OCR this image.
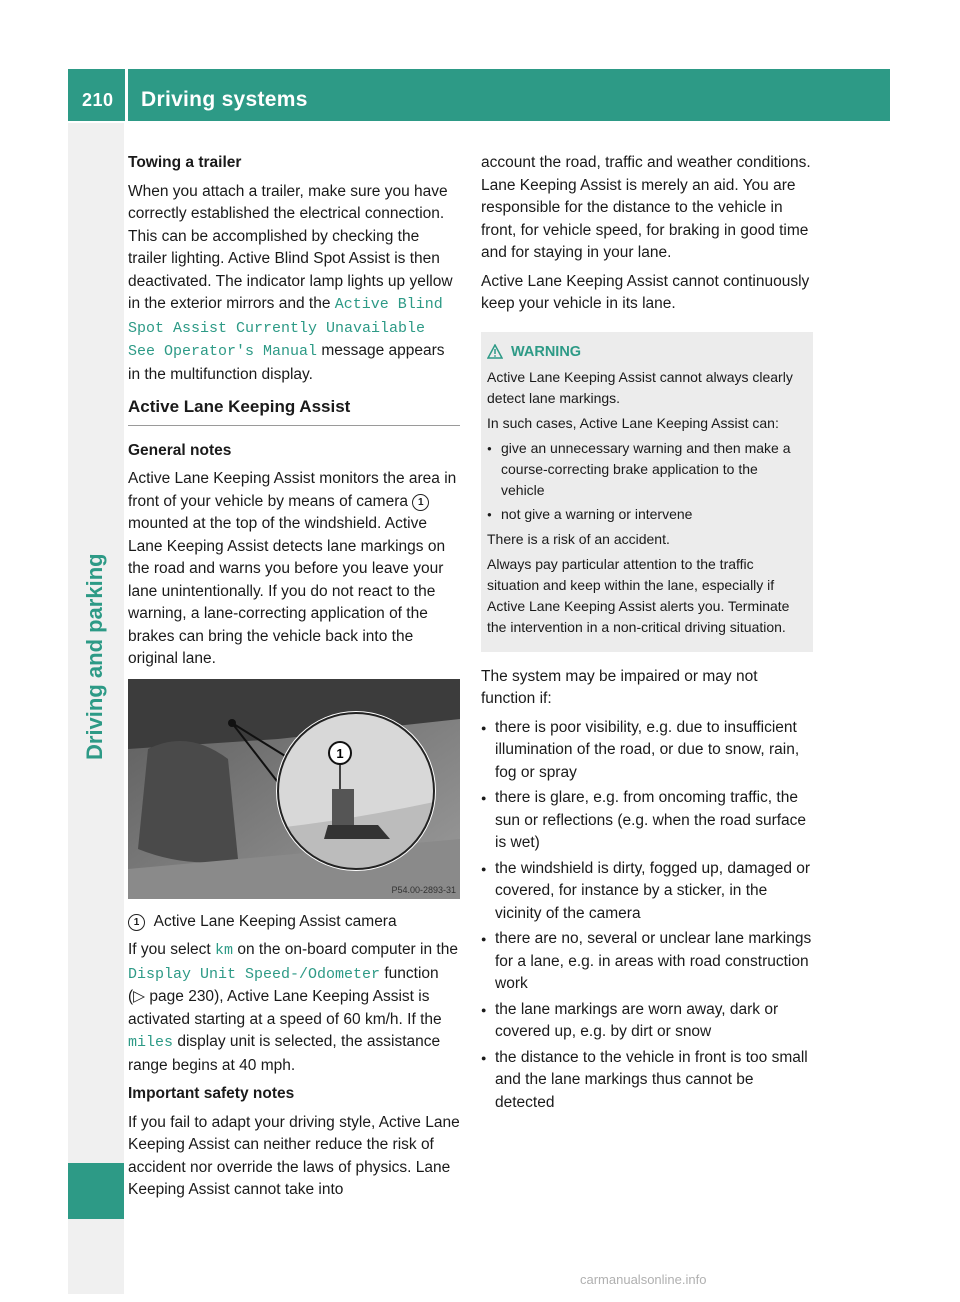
210 Driving systems
Driving and parking

Towing a trailer

When you attach a trailer, make sure you have correctly established the electrical connection. This can be accomplished by checking the trailer lighting. Active Blind Spot Assist is then deactivated. The indicator lamp lights up yellow in the exterior mirrors and the Active Blind Spot Assist Currently Unavailable See Operator's Manual message appears in the multifunction display.

Active Lane Keeping Assist

General notes

Active Lane Keeping Assist monitors the area in front of your vehicle by means of camera 1 mounted at the top of the windshield. Active Lane Keeping Assist detects lane markings on the road and warns you before you leave your lane unintentionally. If you do not react to the warning, a lane-correcting application of the brakes can bring the vehicle back into the original lane.

1
P54.00-2893-31

1 Active Lane Keeping Assist camera

If you select km on the on-board computer in the Display Unit Speed-/Odometer function (▷ page 230), Active Lane Keeping Assist is activated starting at a speed of 60 km/h. If the miles display unit is selected, the assistance range begins at 40 mph.

Important safety notes

If you fail to adapt your driving style, Active Lane Keeping Assist can neither reduce the risk of accident nor override the laws of physics. Lane Keeping Assist cannot take into

account the road, traffic and weather conditions. Lane Keeping Assist is merely an aid. You are responsible for the distance to the vehicle in front, for vehicle speed, for braking in good time and for staying in your lane.

Active Lane Keeping Assist cannot continuously keep your vehicle in its lane.

WARNING

Active Lane Keeping Assist cannot always clearly detect lane markings.

In such cases, Active Lane Keeping Assist can:

● give an unnecessary warning and then make a course-correcting brake application to the vehicle
● not give a warning or intervene

There is a risk of an accident.

Always pay particular attention to the traffic situation and keep within the lane, especially if Active Lane Keeping Assist alerts you. Terminate the intervention in a non-critical driving situation.

The system may be impaired or may not function if:

● there is poor visibility, e.g. due to insufficient illumination of the road, or due to snow, rain, fog or spray
● there is glare, e.g. from oncoming traffic, the sun or reflections (e.g. when the road surface is wet)
● the windshield is dirty, fogged up, damaged or covered, for instance by a sticker, in the vicinity of the camera
● there are no, several or unclear lane markings for a lane, e.g. in areas with road construction work
● the lane markings are worn away, dark or covered up, e.g. by dirt or snow
● the distance to the vehicle in front is too small and the lane markings thus cannot be detected
carmanualsonline.info
